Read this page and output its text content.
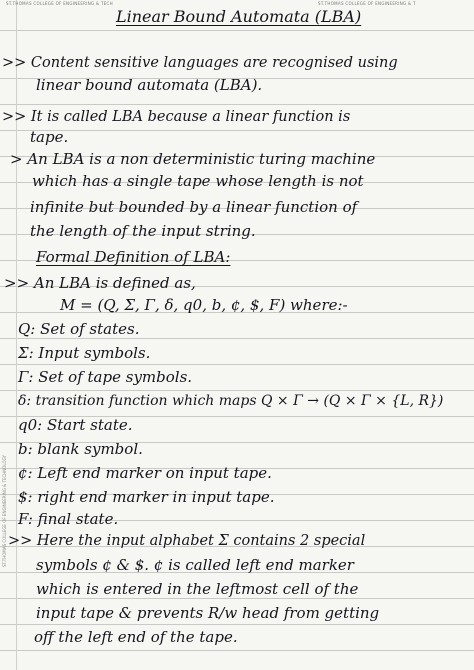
ST.THOMAS COLLEGE OF ENGINEERING & TECH	ST.THOMAS COLLEGE OF ENGINEERING & T
ST.THOMAS COLLEGE OF ENGINEERING & TECHNOLOGY
Linear Bound Automata (LBA)
>> Content sensitive languages are recognised using
linear bound automata (LBA).
>> It is called LBA because a linear function is
tape.
> An LBA is a non deterministic turing machine
which has a single tape whose length is not
infinite but bounded by a linear function of
the length of the input string.
Formal Definition of LBA:
>> An LBA is defined as,
M = (Q, Σ, Γ, δ, q0, b, ¢, $, F) where:-
Q: Set of states.
Σ: Input symbols.
Γ: Set of tape symbols.
δ: transition function which maps Q × Γ → (Q × Γ × {L, R})
q0: Start state.
b: blank symbol.
¢: Left end marker on input tape.
$: right end marker in input tape.
F: final state.
>> Here the input alphabet Σ contains 2 special
symbols ¢ & $. ¢ is called left end marker
which is entered in the leftmost cell of the
input tape & prevents R/w head from getting
off the left end of the tape.
